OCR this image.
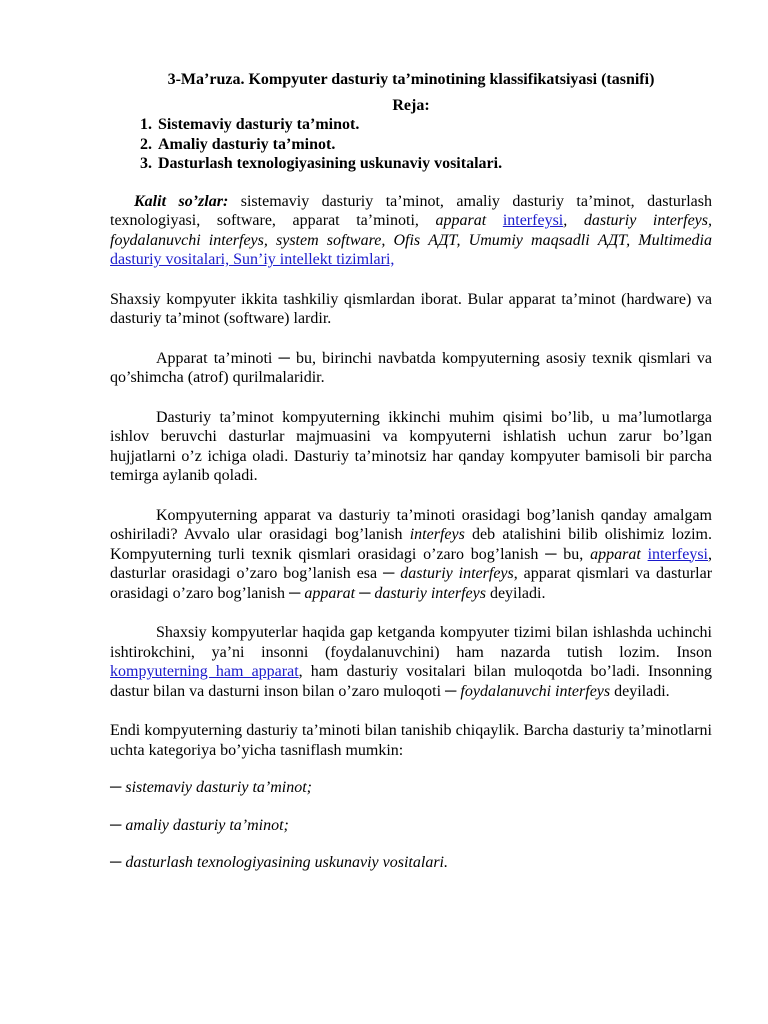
3-Ma’ruza. Kompyuter dasturiy ta’minotining klassifikatsiyasi (tasnifi)

Reja:

1. Sistemaviy dasturiy ta’minot.
2. Amaliy dasturiy ta’minot.
3. Dasturlash texnologiyasining uskunaviy vositalari.

Kalit so’zlar: sistemaviy dasturiy ta’minot, amaliy dasturiy ta’minot, dasturlash texnologiyasi, software, apparat ta’minoti, apparat interfeysi, dasturiy interfeys, foydalanuvchi interfeys, system software, Ofis АДТ, Umumiy maqsadli АДТ, Multimedia dasturiy vositalari, Sun’iy intellekt tizimlari,

Shaxsiy kompyuter ikkita tashkiliy qismlardan iborat. Bular apparat ta’minot (hardware) va dasturiy ta’minot (software) lardir.

Apparat ta’minoti ─ bu, birinchi navbatda kompyuterning asosiy texnik qismlari va qo’shimcha (atrof) qurilmalaridir.

Dasturiy ta’minot kompyuterning ikkinchi muhim qisimi bo’lib, u ma’lumotlarga ishlov beruvchi dasturlar majmuasini va kompyuterni ishlatish uchun zarur bo’lgan hujjatlarni o’z ichiga oladi. Dasturiy ta’minotsiz har qanday kompyuter bamisoli bir parcha temirga aylanib qoladi.

Kompyuterning apparat va dasturiy ta’minoti orasidagi bog’lanish qanday amalgam oshiriladi? Avvalo ular orasidagi bog’lanish interfeys deb atalishini bilib olishimiz lozim. Kompyuterning turli texnik qismlari orasidagi o’zaro bog’lanish ─ bu, apparat interfeysi, dasturlar orasidagi o’zaro bog’lanish esa ─ dasturiy interfeys, apparat qismlari va dasturlar orasidagi o’zaro bog’lanish ─ apparat ─ dasturiy interfeys deyiladi.

Shaxsiy kompyuterlar haqida gap ketganda kompyuter tizimi bilan ishlashda uchinchi ishtirokchini, ya’ni insonni (foydalanuvchini) ham nazarda tutish lozim. Inson kompyuterning ham apparat, ham dasturiy vositalari bilan muloqotda bo’ladi. Insonning dastur bilan va dasturni inson bilan o’zaro muloqoti ─ foydalanuvchi interfeys deyiladi.

Endi kompyuterning dasturiy ta’minoti bilan tanishib chiqaylik. Barcha dasturiy ta’minotlarni uchta kategoriya bo’yicha tasniflash mumkin:

─ sistemaviy dasturiy ta’minot;

─ amaliy dasturiy ta’minot;

─ dasturlash texnologiyasining uskunaviy vositalari.
